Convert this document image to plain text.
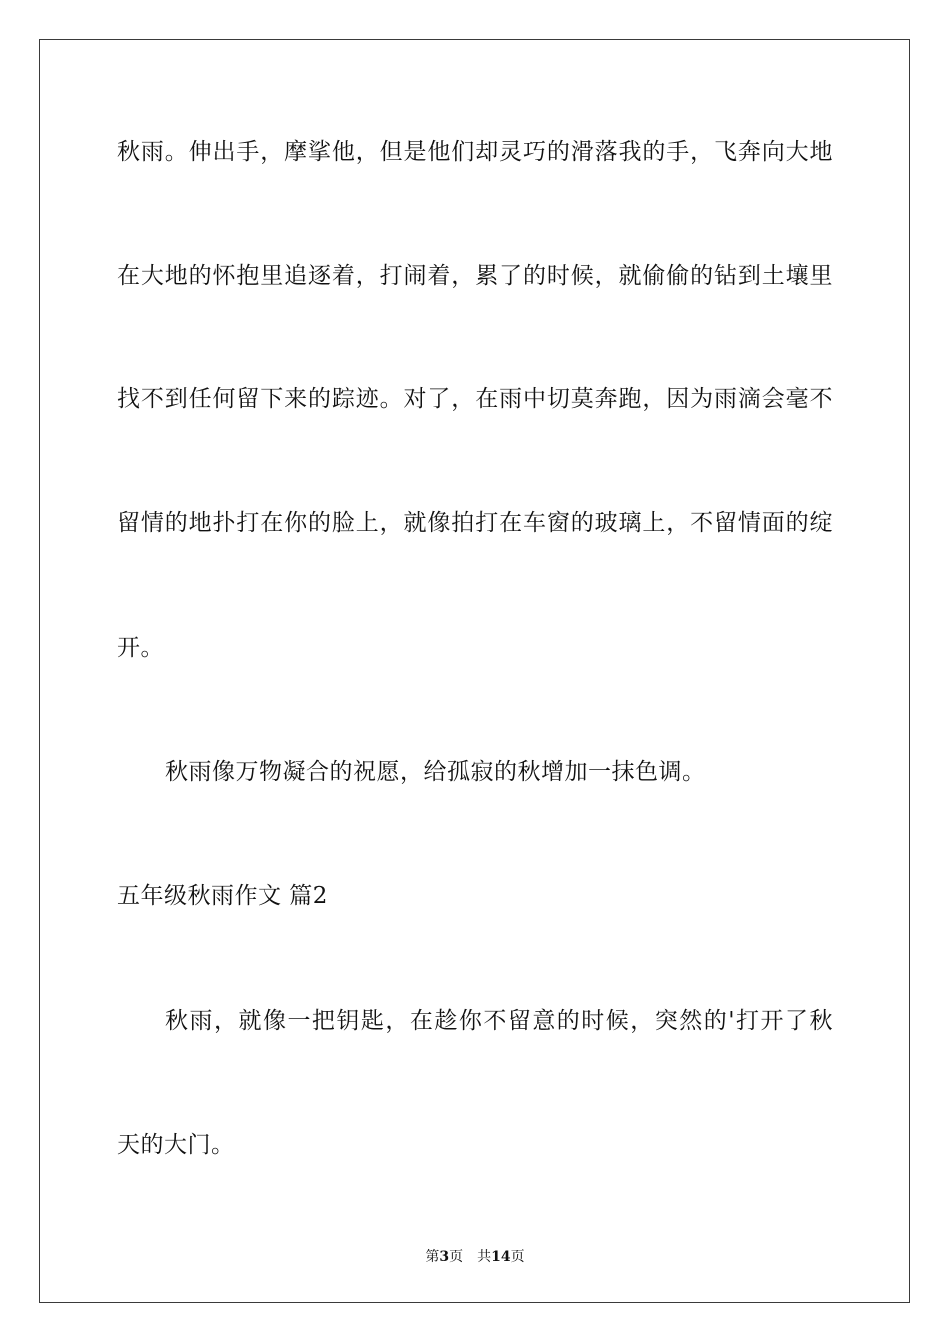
秋雨。伸出手，摩挲他，但是他们却灵巧的滑落我的手，飞奔向大地
在大地的怀抱里追逐着，打闹着，累了的时候，就偷偷的钻到土壤里
找不到任何留下来的踪迹。对了，在雨中切莫奔跑，因为雨滴会毫不
留情的地扑打在你的脸上，就像拍打在车窗的玻璃上，不留情面的绽
开。
秋雨像万物凝合的祝愿，给孤寂的秋增加一抹色调。
五年级秋雨作文 篇2
秋雨，就像一把钥匙，在趁你不留意的时候，突然的'打开了秋
天的大门。
第3页 共14页
